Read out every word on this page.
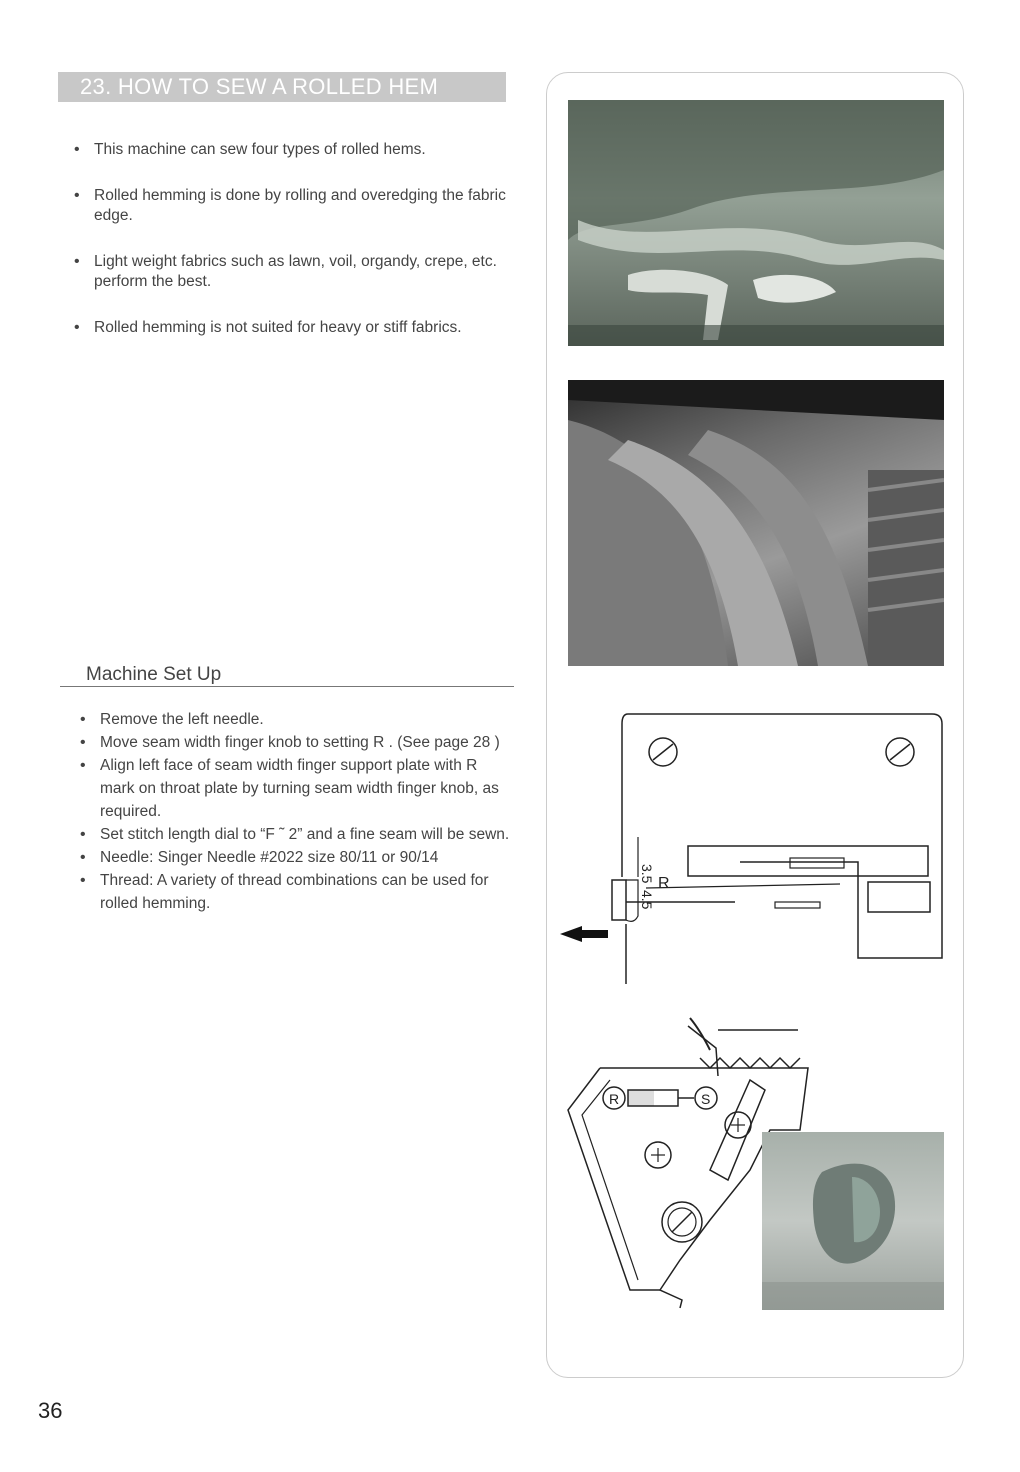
23. HOW TO SEW A ROLLED HEM
• This machine can sew four types of rolled hems.
• Rolled hemming is done by rolling and overedging the fabric edge.
• Light weight fabrics such as lawn, voil, organdy, crepe, etc. perform the best.
• Rolled hemming is not suited for heavy or stiff fabrics.
Machine Set Up
• Remove the left needle.
• Move seam width finger knob to setting R . (See page 28 )
• Align left face of seam width finger support plate with R mark on throat plate by turning seam width finger knob, as required.
• Set stitch length dial to “F ˜ 2” and a fine seam will be sewn.
• Needle: Singer Needle #2022 size 80/11 or 90/14
• Thread: A variety of thread combinations can be used for rolled hemming.
36
3.5
4.5
R
R	S
